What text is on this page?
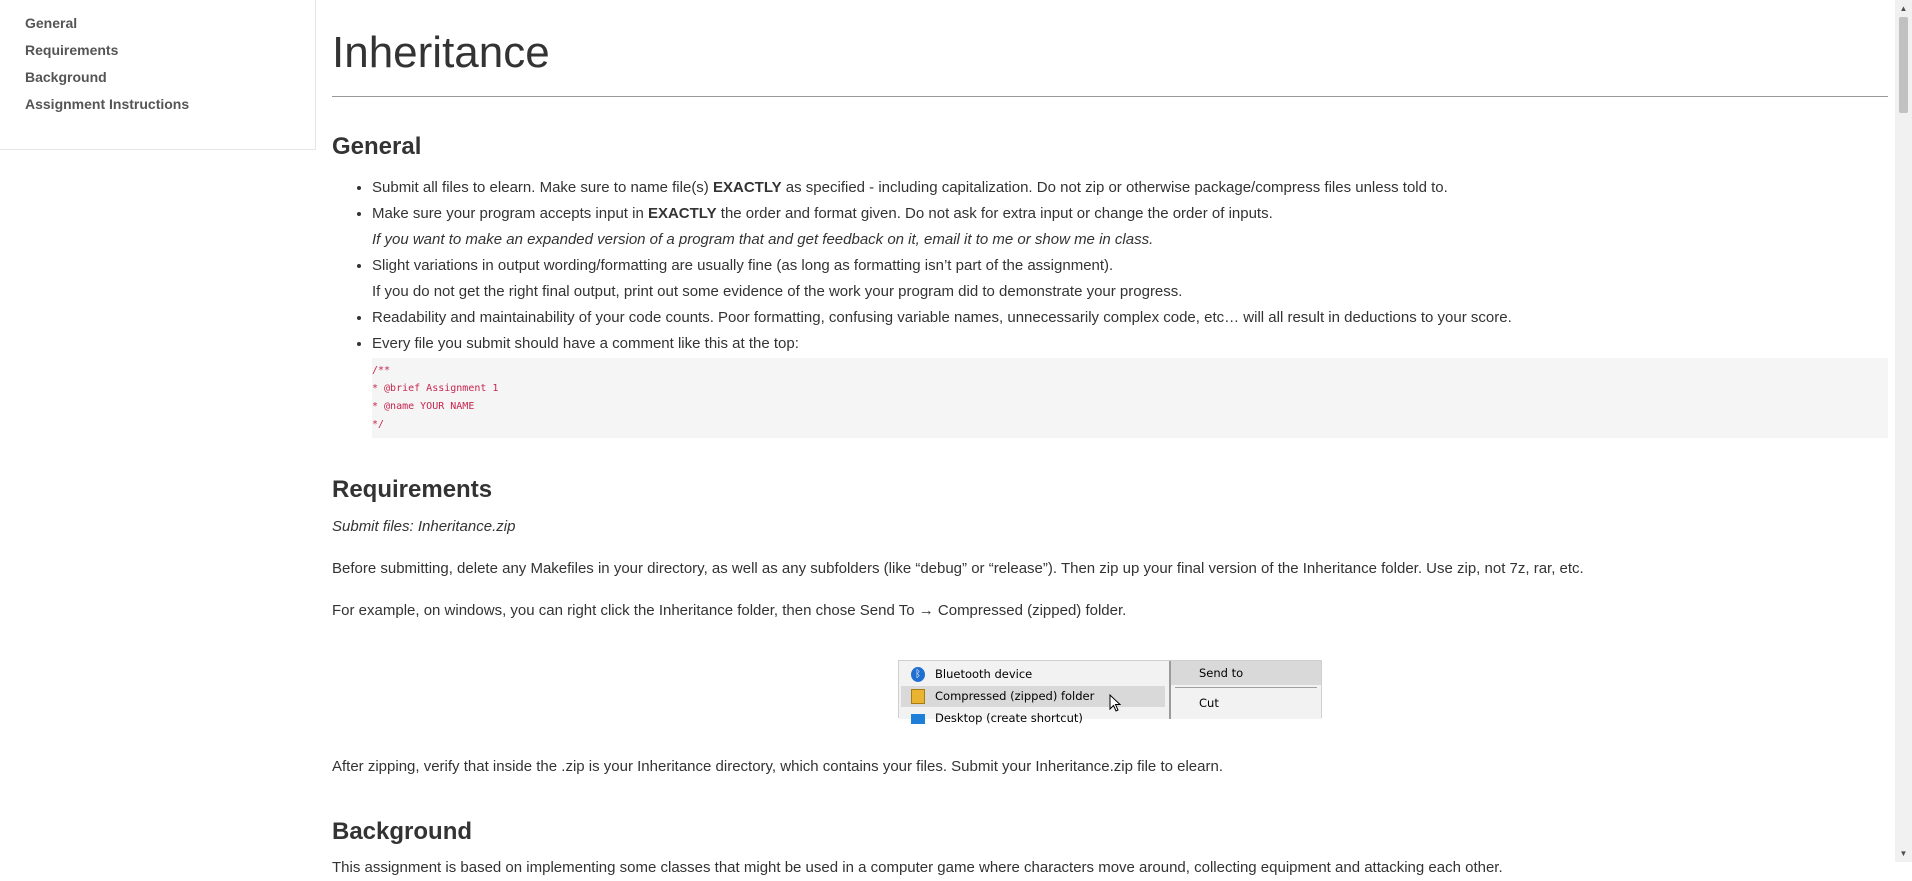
General
Requirements
Background
Assignment Instructions
Inheritance
General
• Submit all files to elearn. Make sure to name file(s) EXACTLY as specified - including capitalization. Do not zip or otherwise package/compress files unless told to.
• Make sure your program accepts input in EXACTLY the order and format given. Do not ask for extra input or change the order of inputs.
If you want to make an expanded version of a program that and get feedback on it, email it to me or show me in class.
• Slight variations in output wording/formatting are usually fine (as long as formatting isn’t part of the assignment).
If you do not get the right final output, print out some evidence of the work your program did to demonstrate your progress.
• Readability and maintainability of your code counts. Poor formatting, confusing variable names, unnecessarily complex code, etc… will all result in deductions to your score.
• Every file you submit should have a comment like this at the top:
/**
* @brief Assignment 1
* @name YOUR NAME
*/
Requirements

Submit files: Inheritance.zip

Before submitting, delete any Makefiles in your directory, as well as any subfolders (like “debug” or “release”). Then zip up your final version of the Inheritance folder. Use zip, not 7z, rar, etc.

For example, on windows, you can right click the Inheritance folder, then chose Send To → Compressed (zipped) folder.

ᛒ	Bluetooth device
Compressed (zipped) folder
Desktop (create shortcut)
Send to
Cut

After zipping, verify that inside the .zip is your Inheritance directory, which contains your files. Submit your Inheritance.zip file to elearn.

Background

This assignment is based on implementing some classes that might be used in a computer game where characters move around, collecting equipment and attacking each other.

▲
▼
